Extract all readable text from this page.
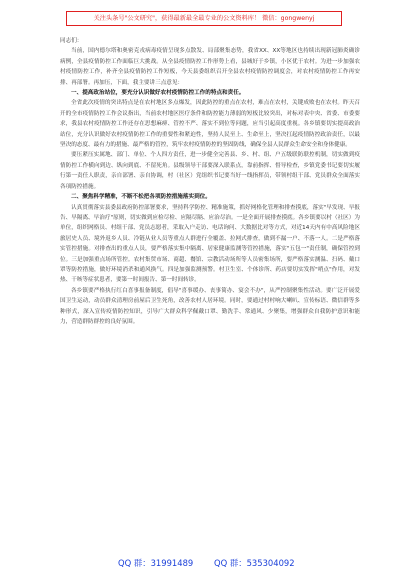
关注头条号"公文研究"，获得最新最全最专业的公文资料库！ 微信：gongwenyj

同志们：

当前，国内德尔塔和奥密克戎病毒疫情呈现多点散发、局部聚集态势，我省XX、XX等地区也持续出现新冠肺炎确诊病例，全县疫情防控工作面临巨大挑战。从全县疫情防控工作形势上看，县城好于乡镇，小区优于农村。为进一步加强农村疫情防控工作，补齐全县疫情防控工作短板，今天县委组织召开全县农村疫情防控调度会，对农村疫情防控工作再安排、再部署。再加压，下面，我主要讲三点意见：

一、提高政治站位，要充分认识做好农村疫情防控工作的特点和责任。

全省此次疫情的突出特点是在农村地区多点爆发，因此防控的重点在农村，难点在农村，关键成败也在农村。昨天召开的全市疫情防控工作会议指出，当前农村地区医疗条件和防控能力薄弱的短板比较突出，对标对表中央、省委、市委要求，我县农村疫情防控工作还存在思想麻痹、管控不严、落实不到位等问题，应当引起高度重视。各乡镇要切实提高政治站位，充分认识做好农村疫情防控工作的重要性和紧迫性，坚持人民至上、生命至上，坚决扛起疫情防控政治责任，以最坚决的态度、最有力的措施、最严格的管控，筑牢农村疫情防控的坚固防线，确保全县人民群众生命安全和身体健康。

要压紧压实属地、部门、单位、个人四方责任，进一步健全完善县、乡、村、组、户五级联防联控机制，切实做到疫情防控工作横向到边、纵向到底、不留死角。县级领导干部要深入联系点，靠前指挥、督导检查，乡镇党委书记要切实履行第一责任人职责，亲自部署、亲自协调，村（社区）党组织书记要当好一线指挥员，带领村组干部、党员群众全面落实各项防控措施。

二、聚焦科学精准，不断不松把各项防控措施落实到位。

认真贯彻落实县委县政府防控部署要求，坚持科学防控、精准施策，抓好网格化管理和排查摸底，落实"早发现、早报告、早隔离、早治疗"原则，切实做到应检尽检、应隔尽隔、应治尽治。一是全面开展排查摸底。各乡镇要以村（社区）为单位，组织网格员、村组干部、党员志愿者，采取入户走访、电话询问、大数据比对等方式，对近14天内有中高风险地区旅居史人员、境外返乡人员、冷链从业人员等重点人群进行全覆盖、拉网式排查，做到不漏一户、不落一人。二是严格落实管控措施。对排查出的重点人员，要严格落实集中隔离、居家健康监测等管控措施，落实"五包一"责任制，确保管控到位。三是加强重点场所管控。农村集贸市场、商超、餐馆、宗教活动场所等人员密集场所，要严格落实测温、扫码、戴口罩等防控措施，做好环境消杀和通风换气。四是加强监测预警。村卫生室、个体诊所、药店要切实发挥"哨点"作用，对发热、干咳等症状患者，要第一时间报告、第一时间转诊。

各乡镇要严格执行红白喜事报备制度，倡导"喜事缓办、丧事简办、宴会不办"，从严控制聚集性活动。要广泛开展爱国卫生运动，动员群众清理房前屋后卫生死角，改善农村人居环境。同时，要通过村村响大喇叭、宣传标语、微信群等多种形式，深入宣传疫情防控知识，引导广大群众科学佩戴口罩、勤洗手、常通风、少聚集，增强群众自我防护意识和能力，营造群防群控的良好氛围。

QQ 群：31991489 QQ 群：535304092
